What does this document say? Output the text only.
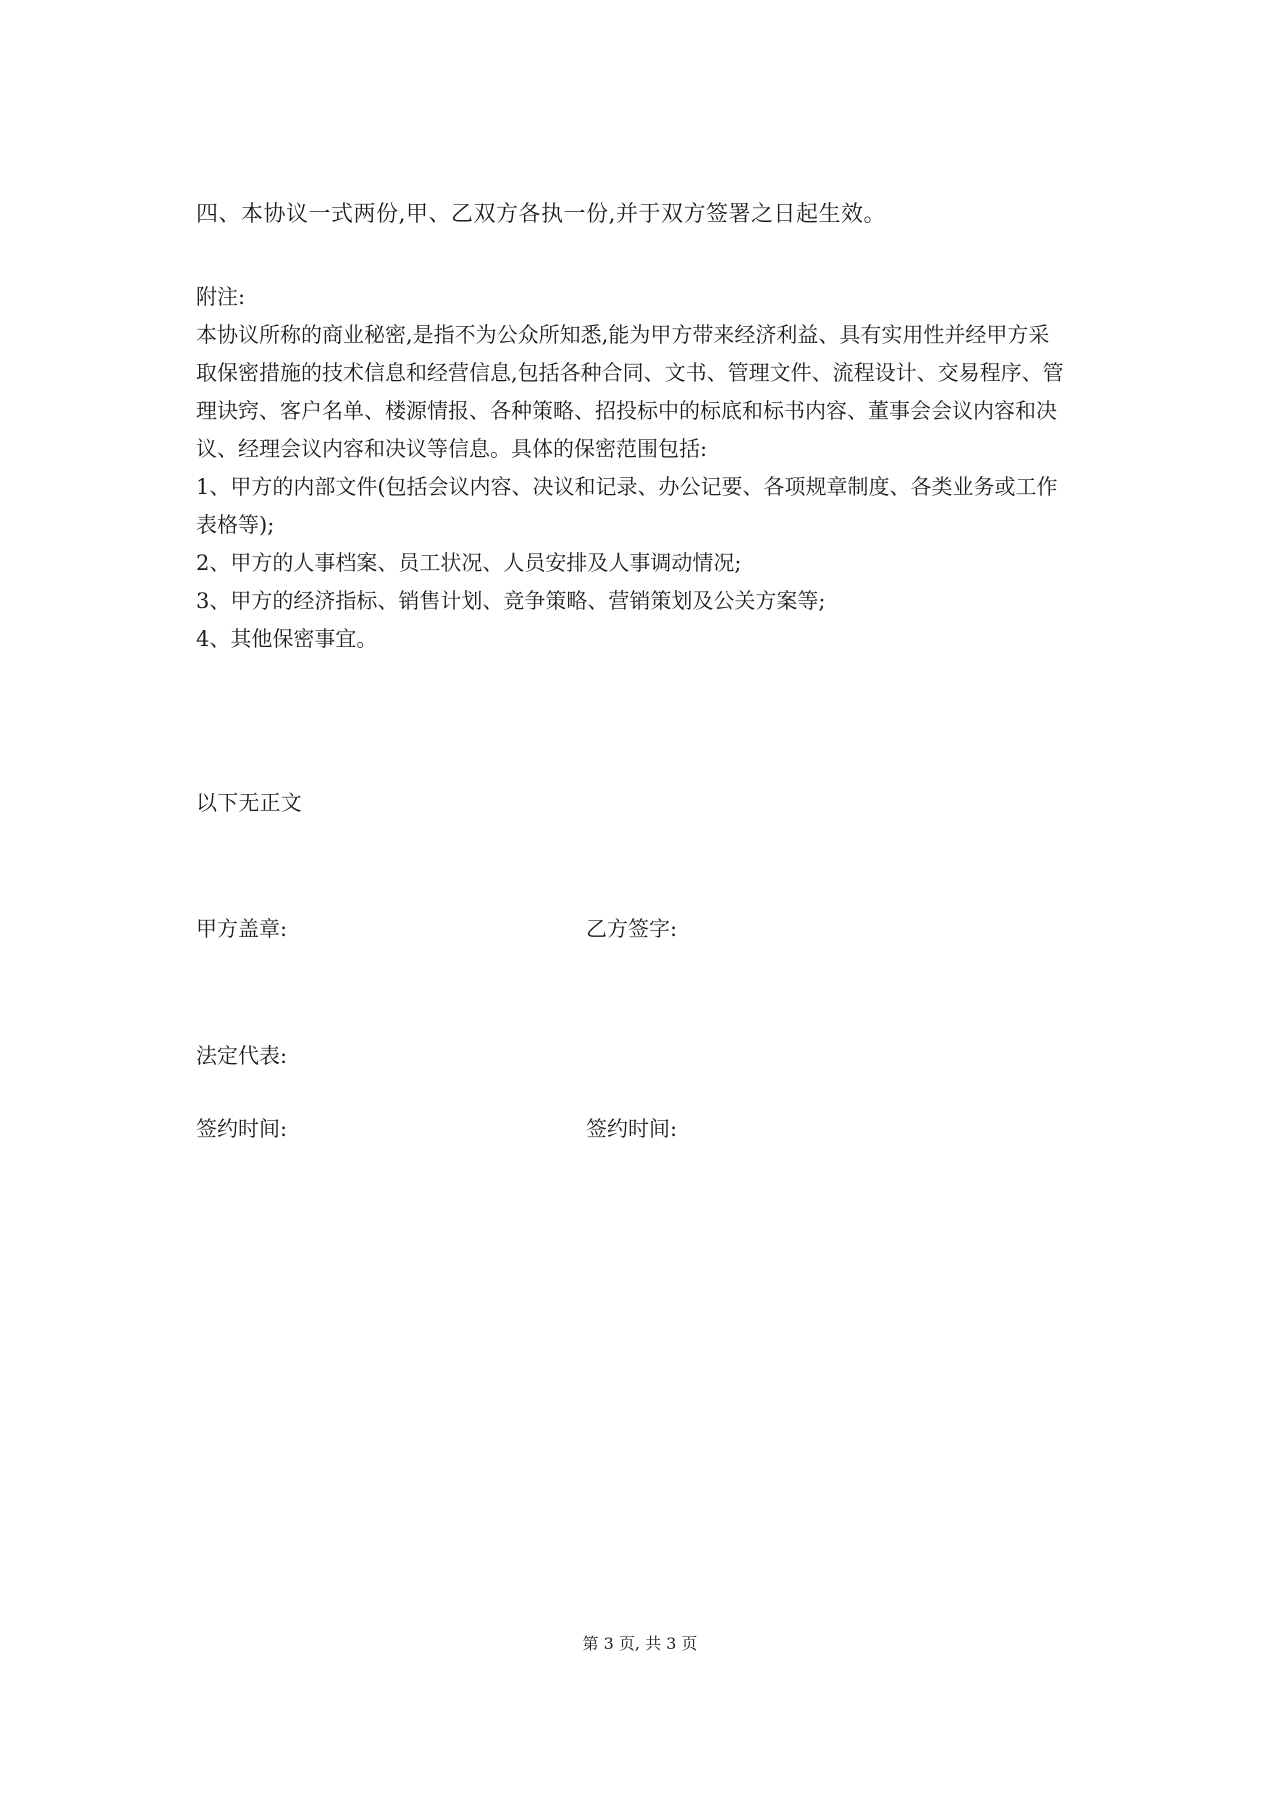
四、本协议一式两份,甲、乙双方各执一份,并于双方签署之日起生效。

附注:

本协议所称的商业秘密,是指不为公众所知悉,能为甲方带来经济利益、具有实用性并经甲方采

取保密措施的技术信息和经营信息,包括各种合同、文书、管理文件、流程设计、交易程序、管

理诀窍、客户名单、楼源情报、各种策略、招投标中的标底和标书内容、董事会会议内容和决

议、经理会议内容和决议等信息。具体的保密范围包括:

1、甲方的内部文件(包括会议内容、决议和记录、办公记要、各项规章制度、各类业务或工作

表格等);

2、甲方的人事档案、员工状况、人员安排及人事调动情况;

3、甲方的经济指标、销售计划、竞争策略、营销策划及公关方案等;

4、其他保密事宜。

以下无正文
甲方盖章:	乙方签字:
法定代表:
签约时间:	签约时间:
第 3 页, 共 3 页
